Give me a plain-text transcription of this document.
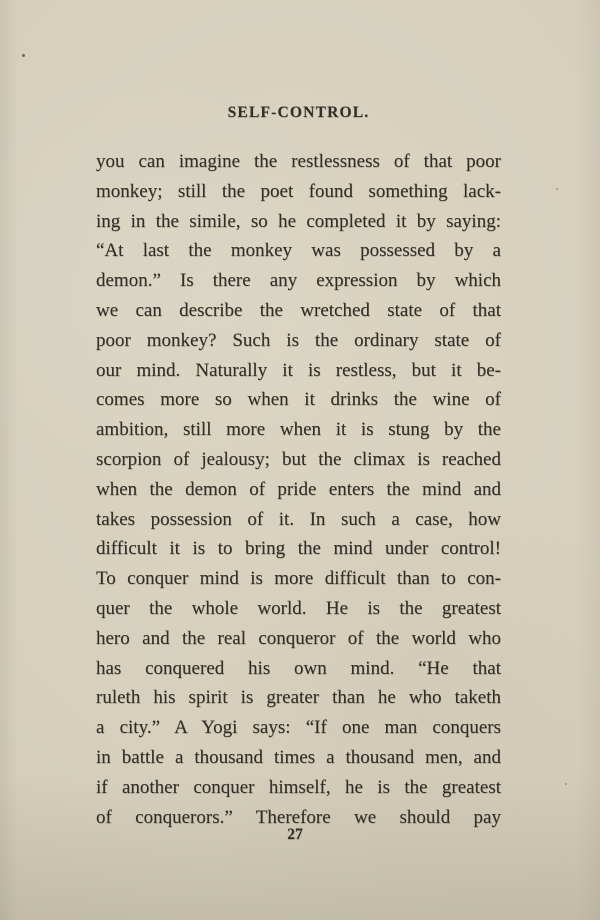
SELF-CONTROL.
you can imagine the restlessness of that poor
monkey; still the poet found something lack-
ing in the simile, so he completed it by saying:
“At last the monkey was possessed by a
demon.” Is there any expression by which
we can describe the wretched state of that
poor monkey? Such is the ordinary state of
our mind. Naturally it is restless, but it be-
comes more so when it drinks the wine of
ambition, still more when it is stung by the
scorpion of jealousy; but the climax is reached
when the demon of pride enters the mind and
takes possession of it. In such a case, how
difficult it is to bring the mind under control!
To conquer mind is more difficult than to con-
quer the whole world. He is the greatest
hero and the real conqueror of the world who
has conquered his own mind. “He that
ruleth his spirit is greater than he who taketh
a city.” A Yogi says: “If one man conquers
in battle a thousand times a thousand men, and
if another conquer himself, he is the greatest
of conquerors.” Therefore we should pay
27
